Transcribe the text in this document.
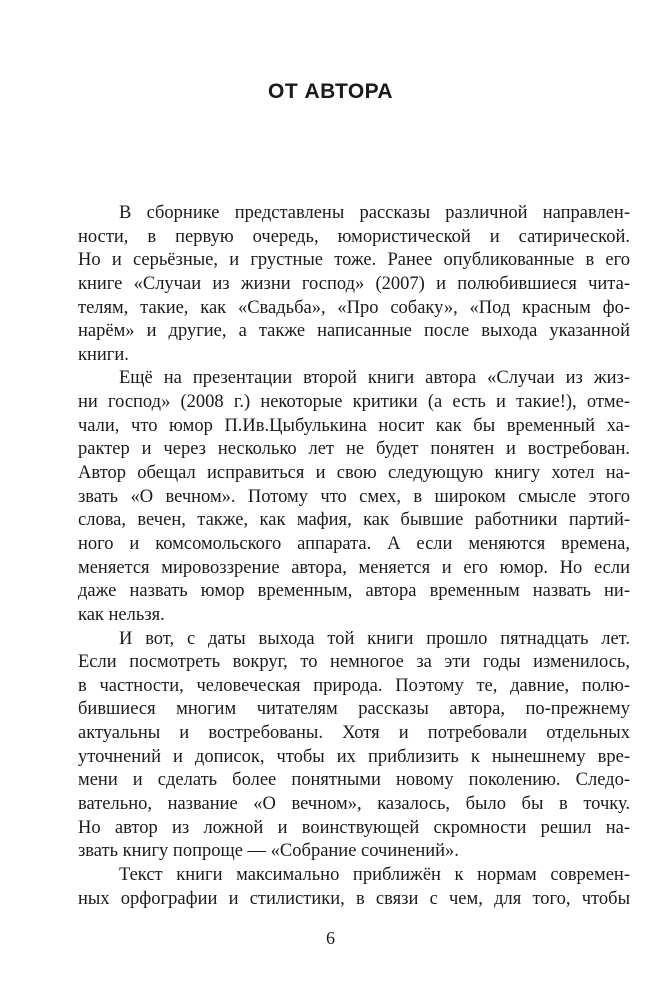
ОТ АВТОРА
В сборнике представлены рассказы различной направлен-
ности, в первую очередь, юмористической и сатирической.
Но и серьёзные, и грустные тоже. Ранее опубликованные в его
книге «Случаи из жизни господ» (2007) и полюбившиеся чита-
телям, такие, как «Свадьба», «Про собаку», «Под красным фо-
нарём» и другие, а также написанные после выхода указанной
книги.
Ещё на презентации второй книги автора «Случаи из жиз-
ни господ» (2008 г.) некоторые критики (а есть и такие!), отме-
чали, что юмор П.Ив.Цыбулькина носит как бы временный ха-
рактер и через несколько лет не будет понятен и востребован.
Автор обещал исправиться и свою следующую книгу хотел на-
звать «О вечном». Потому что смех, в широком смысле этого
слова, вечен, также, как мафия, как бывшие работники партий-
ного и комсомольского аппарата. А если меняются времена,
меняется мировоззрение автора, меняется и его юмор. Но если
даже назвать юмор временным, автора временным назвать ни-
как нельзя.
И вот, с даты выхода той книги прошло пятнадцать лет.
Если посмотреть вокруг, то немногое за эти годы изменилось,
в частности, человеческая природа. Поэтому те, давние, полю-
бившиеся многим читателям рассказы автора, по-прежнему
актуальны и востребованы. Хотя и потребовали отдельных
уточнений и дописок, чтобы их приблизить к нынешнему вре-
мени и сделать более понятными новому поколению. Следо-
вательно, название «О вечном», казалось, было бы в точку.
Но автор из ложной и воинствующей скромности решил на-
звать книгу попроще — «Собрание сочинений».
Текст книги максимально приближён к нормам современ-
ных орфографии и стилистики, в связи с чем, для того, чтобы
6
